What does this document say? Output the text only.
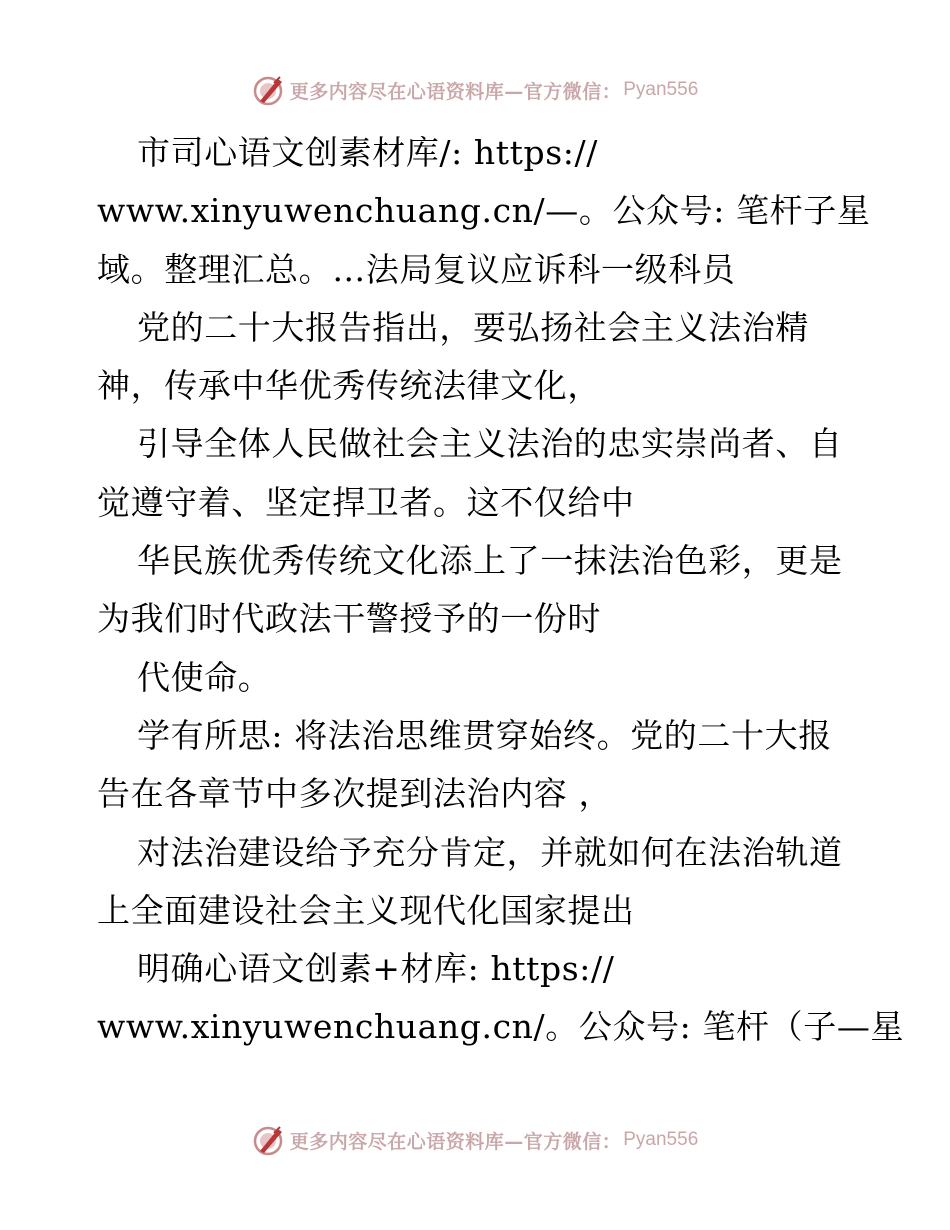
更多内容尽在心语资料库—官方微信： Pyan556
市司心语文创素材库/: https://
www.xinyuwenchuang.cn/—。公众号: 笔杆子星
域。整理汇总。…法局复议应诉科一级科员
党的二十大报告指出，要弘扬社会主义法治精
神，传承中华优秀传统法律文化，
引导全体人民做社会主义法治的忠实崇尚者、自
觉遵守着、坚定捍卫者。这不仅给中
华民族优秀传统文化添上了一抹法治色彩，更是
为我们时代政法干警授予的一份时
代使命。
学有所思: 将法治思维贯穿始终。党的二十大报
告在各章节中多次提到法治内容 ，
对法治建设给予充分肯定，并就如何在法治轨道
上全面建设社会主义现代化国家提出
明确心语文创素+材库: https://
www.xinyuwenchuang.cn/。公众号: 笔杆（子—星
更多内容尽在心语资料库—官方微信： Pyan556
